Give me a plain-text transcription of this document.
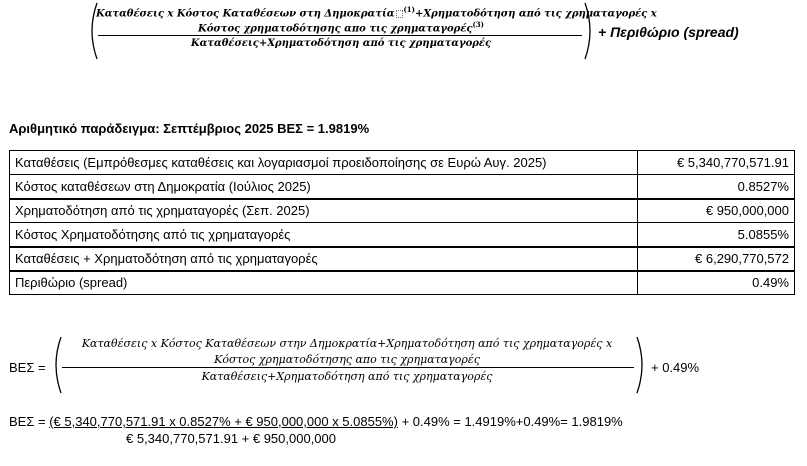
Καταθέσεις x Κόστος Καταθέσεων στη Δημοκρατία $^{(1)}$+Χρηματοδότηση από τις χρηματαγορές x
Κόστος χρηματοδότησης απο τις χρηματαγορές$^{(3)}$
Καταθέσεις+Χρηματοδότηση από τις χρηματαγορές
+ Περιθώριο (spread)
Αριθμητικό παράδειγμα: Σεπτέμβριος 2025 ΒΕΣ = 1.9819%
Καταθέσεις (Εμπρόθεσμες καταθέσεις και λογαριασμοί προειδοποίησης σε Ευρώ Αυγ. 2025)	€ 5,340,770,571.91
Κόστος καταθέσεων στη Δημοκρατία (Ιούλιος 2025)	0.8527%
Χρηματοδότηση από τις χρηματαγορές (Σεπ. 2025)	€ 950,000,000
Κόστος Χρηματοδότησης από τις χρηματαγορές	5.0855%
Καταθέσεις + Χρηματοδότηση από τις χρηματαγορές	€ 6,290,770,572
Περιθώριο (spread)	0.49%
ΒΕΣ =
Καταθέσεις x Κόστος Καταθέσεων στην Δημοκρατία+Χρηματοδότηση από τις χρηματαγορές x
Κόστος χρηματοδότησης απο τις χρηματαγορές
Καταθέσεις+Χρηματοδότηση από τις χρηματαγορές
+ 0.49%
ΒΕΣ = (€ 5,340,770,571.91 x 0.8527% + € 950,000,000 x 5.0855%) + 0.49% = 1.4919%+0.49%= 1.9819%
€ 5,340,770,571.91 + € 950,000,000
